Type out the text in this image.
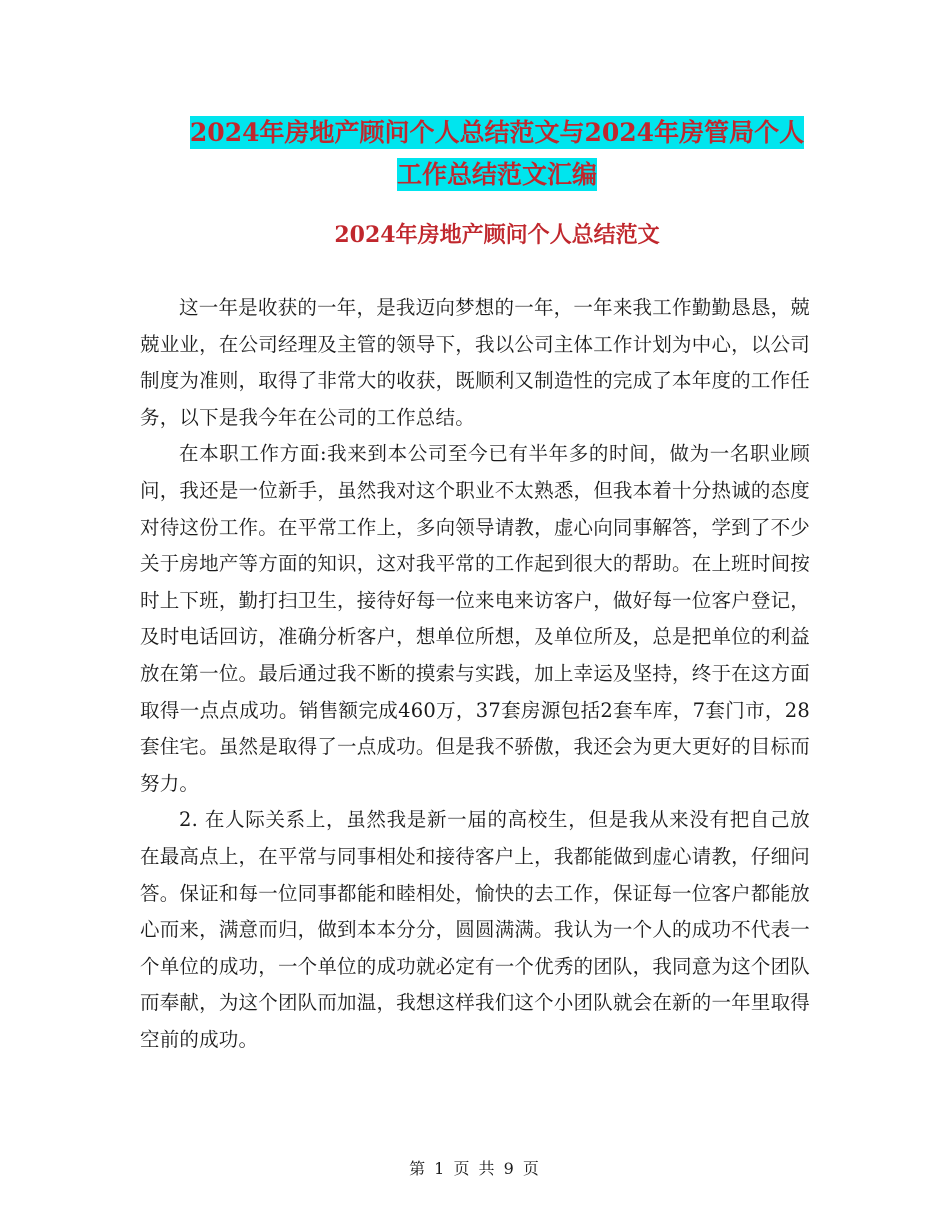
2024年房地产顾问个人总结范文与2024年房管局个人
工作总结范文汇编
2024年房地产顾问个人总结范文

这一年是收获的一年，是我迈向梦想的一年，一年来我工作勤勤恳恳，兢兢业业，在公司经理及主管的领导下，我以公司主体工作计划为中心，以公司制度为准则，取得了非常大的收获，既顺利又制造性的完成了本年度的工作任务，以下是我今年在公司的工作总结。

在本职工作方面:我来到本公司至今已有半年多的时间，做为一名职业顾问，我还是一位新手，虽然我对这个职业不太熟悉，但我本着十分热诚的态度对待这份工作。在平常工作上，多向领导请教，虚心向同事解答，学到了不少关于房地产等方面的知识，这对我平常的工作起到很大的帮助。在上班时间按时上下班，勤打扫卫生，接待好每一位来电来访客户，做好每一位客户登记，及时电话回访，准确分析客户，想单位所想，及单位所及，总是把单位的利益放在第一位。最后通过我不断的摸索与实践，加上幸运及坚持，终于在这方面取得一点点成功。销售额完成460万，37套房源包括2套车库，7套门市，28套住宅。虽然是取得了一点成功。但是我不骄傲，我还会为更大更好的目标而努力。

2. 在人际关系上，虽然我是新一届的高校生，但是我从来没有把自己放在最高点上，在平常与同事相处和接待客户上，我都能做到虚心请教，仔细问答。保证和每一位同事都能和睦相处，愉快的去工作，保证每一位客户都能放心而来，满意而归，做到本本分分，圆圆满满。我认为一个人的成功不代表一个单位的成功，一个单位的成功就必定有一个优秀的团队，我同意为这个团队而奉献，为这个团队而加温，我想这样我们这个小团队就会在新的一年里取得空前的成功。

第 1 页 共 9 页
